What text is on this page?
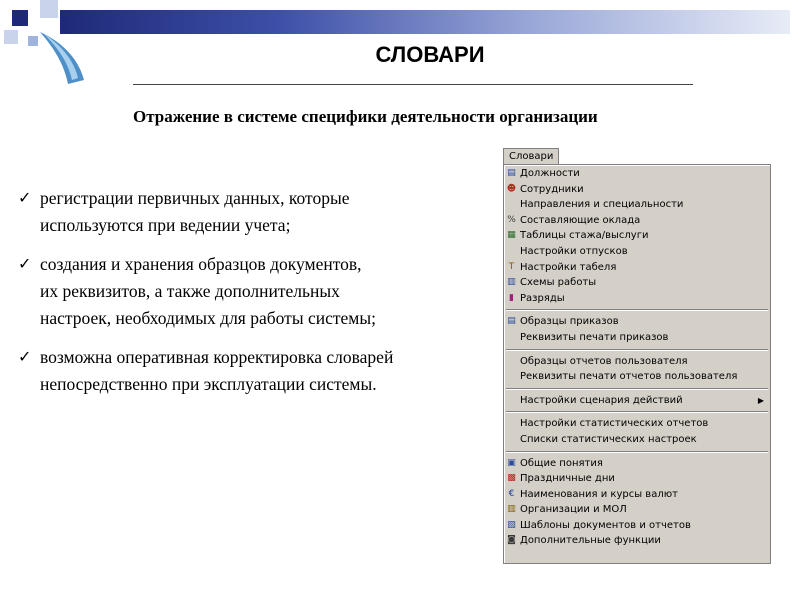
СЛОВАРИ
Отражение в системе специфики деятельности организации
✓ регистрации первичных данных, которые
используются при ведении учета;
✓ создания и хранения образцов документов,
их реквизитов, а также дополнительных
настроек, необходимых для работы системы;
✓ возможна оперативная корректировка словарей
непосредственно при эксплуатации системы.
Словари
▤ Должности
☻ Сотрудники
Направления и специальности
% Составляющие оклада
▦ Таблицы стажа/выслуги
Настройки отпусков
T Настройки табеля
▥ Схемы работы
▮ Разряды
▤ Образцы приказов
Реквизиты печати приказов
Образцы отчетов пользователя
Реквизиты печати отчетов пользователя
Настройки сценария действий	▶
Настройки статистических отчетов
Списки статистических настроек
▣ Общие понятия
▩ Праздничные дни
€ Наименования и курсы валют
▥ Организации и МОЛ
▧ Шаблоны документов и отчетов
◙ Дополнительные функции
